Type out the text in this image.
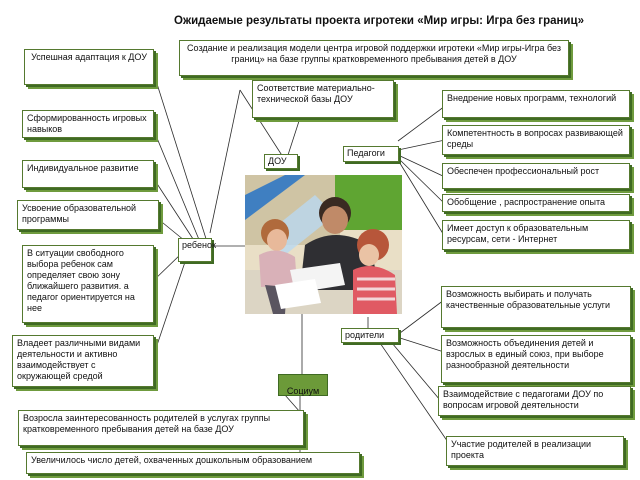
Ожидаемые результаты проекта игротеки «Мир игры: Игра без границ»
ДОУ
Педагоги
ребенок
родители
Социум
Создание и реализация модели центра игровой поддержки игротеки «Мир игры-Игра без границ» на базе группы кратковременного пребывания детей в ДОУ
Соответствие материально-технической базы ДОУ
Успешная адаптация к ДОУ
Сформированность игровых навыков
Индивидуальное развитие
Усвоение образовательной программы
В ситуации свободного выбора ребенок сам определяет свою зону ближайшего развития. а педагог ориентируется на нее
Владеет различными видами деятельности и активно взаимодействует с окружающей средой
Внедрение новых программ, технологий
Компетентность в вопросах развивающей среды
Обеспечен профессиональный рост
Обобщение , распространение опыта
Имеет доступ к образовательным ресурсам, сети - Интернет
Возможность выбирать и получать качественные образовательные услуги
Возможность объединения детей и взрослых в единый союз, при выборе разнообразной деятельности
Взаимодействие с педагогами ДОУ по вопросам игровой деятельности
Участие родителей в реализации проекта
Возросла заинтересованность родителей в услугах группы кратковременного пребывания детей на базе ДОУ
Увеличилось число детей, охваченных дошкольным образованием
